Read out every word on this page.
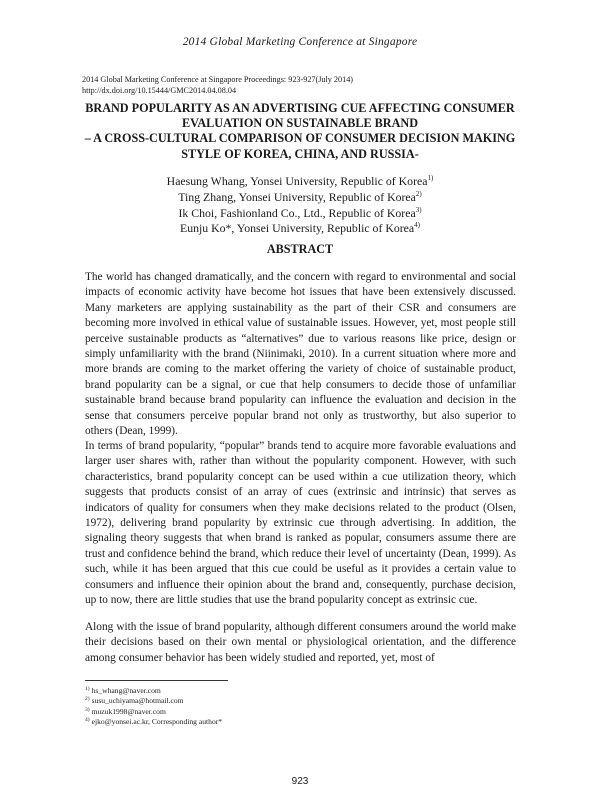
2014 Global Marketing Conference at Singapore
2014 Global Marketing Conference at Singapore Proceedings: 923-927(July 2014)
http://dx.doi.org/10.15444/GMC2014.04.08.04
BRAND POPULARITY AS AN ADVERTISING CUE AFFECTING CONSUMER
EVALUATION ON SUSTAINABLE BRAND
– A CROSS-CULTURAL COMPARISON OF CONSUMER DECISION MAKING
STYLE OF KOREA, CHINA, AND RUSSIA-
Haesung Whang, Yonsei University, Republic of Korea$^{1)}$
Ting Zhang, Yonsei University, Republic of Korea$^{2)}$
Ik Choi, Fashionland Co., Ltd., Republic of Korea$^{3)}$
Eunju Ko*, Yonsei University, Republic of Korea$^{4)}$
ABSTRACT

The world has changed dramatically, and the concern with regard to environmental and social impacts of economic activity have become hot issues that have been extensively discussed. Many marketers are applying sustainability as the part of their CSR and consumers are becoming more involved in ethical value of sustainable issues. However, yet, most people still perceive sustainable products as “alternatives” due to various reasons like price, design or simply unfamiliarity with the brand (Niinimaki, 2010). In a current situation where more and more brands are coming to the market offering the variety of choice of sustainable product, brand popularity can be a signal, or cue that help consumers to decide those of unfamiliar sustainable brand because brand popularity can influence the evaluation and decision in the sense that consumers perceive popular brand not only as trustworthy, but also superior to others (Dean, 1999).

In terms of brand popularity, “popular” brands tend to acquire more favorable evaluations and larger user shares with, rather than without the popularity component. However, with such characteristics, brand popularity concept can be used within a cue utilization theory, which suggests that products consist of an array of cues (extrinsic and intrinsic) that serves as indicators of quality for consumers when they make decisions related to the product (Olsen, 1972), delivering brand popularity by extrinsic cue through advertising. In addition, the signaling theory suggests that when brand is ranked as popular, consumers assume there are trust and confidence behind the brand, which reduce their level of uncertainty (Dean, 1999). As such, while it has been argued that this cue could be useful as it provides a certain value to consumers and influence their opinion about the brand and, consequently, purchase decision, up to now, there are little studies that use the brand popularity concept as extrinsic cue.

Along with the issue of brand popularity, although different consumers around the world make their decisions based on their own mental or physiological orientation, and the difference among consumer behavior has been widely studied and reported, yet, most of

$^{1)}$ hs_whang@naver.com
$^{2)}$ susu_uchiyama@hotmail.com
$^{3)}$ muzuk1998@naver.com
$^{4)}$ ejko@yonsei.ac.kr, Corresponding author*
923
